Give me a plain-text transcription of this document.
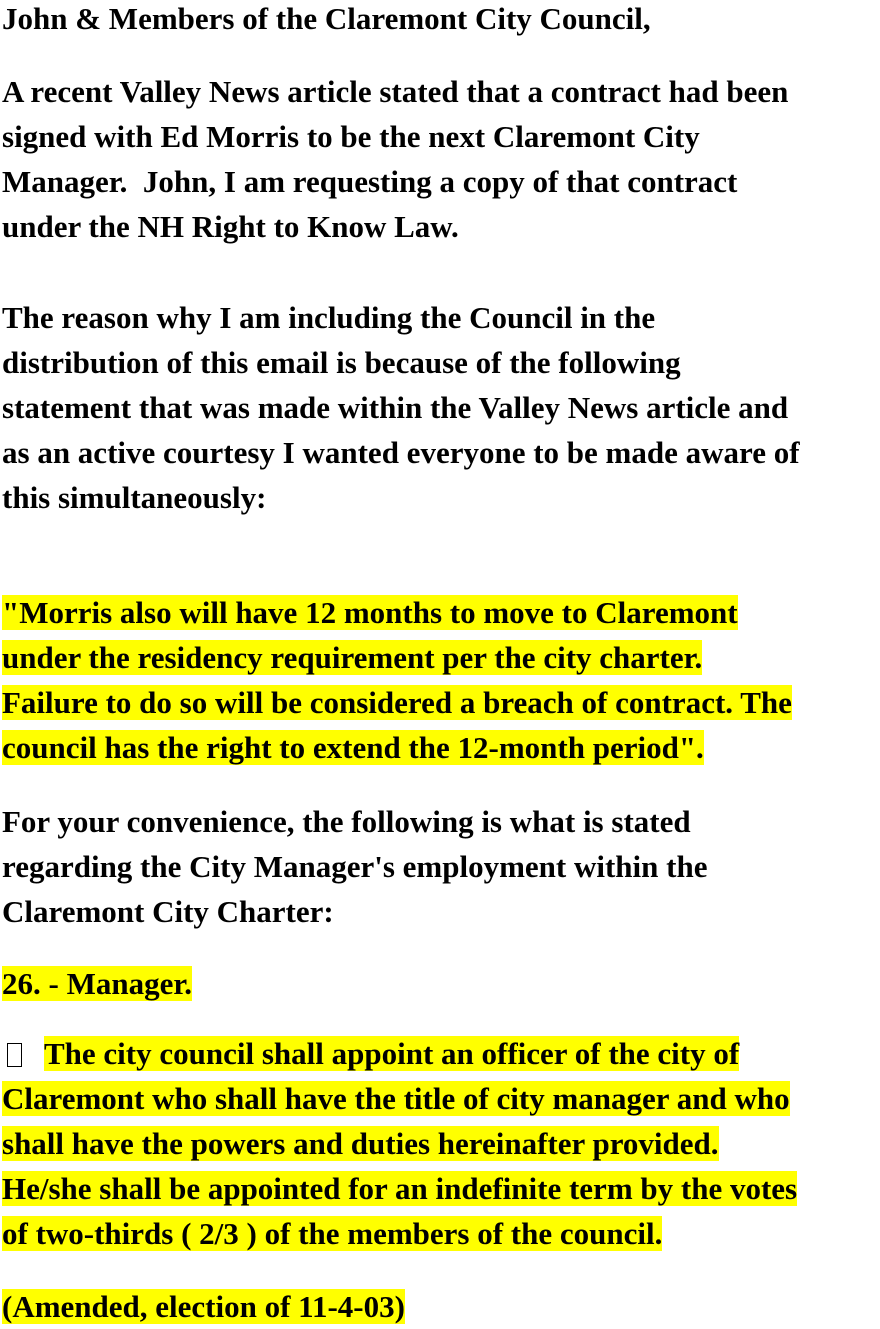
John & Members of the Claremont City Council,

A recent Valley News article stated that a contract had been
signed with Ed Morris to be the next Claremont City
Manager.  John, I am requesting a copy of that contract
under the NH Right to Know Law.

The reason why I am including the Council in the
distribution of this email is because of the following
statement that was made within the Valley News article and
as an active courtesy I wanted everyone to be made aware of
this simultaneously:

"Morris also will have 12 months to move to Claremont
under the residency requirement per the city charter.
Failure to do so will be considered a breach of contract. The
council has the right to extend the 12-month period".

For your convenience, the following is what is stated
regarding the City Manager's employment within the
Claremont City Charter:

26. - Manager.

The city council shall appoint an officer of the city of
Claremont who shall have the title of city manager and who
shall have the powers and duties hereinafter provided.
He/she shall be appointed for an indefinite term by the votes
of two-thirds ( 2/3 ) of the members of the council.

(Amended, election of 11-4-03)
